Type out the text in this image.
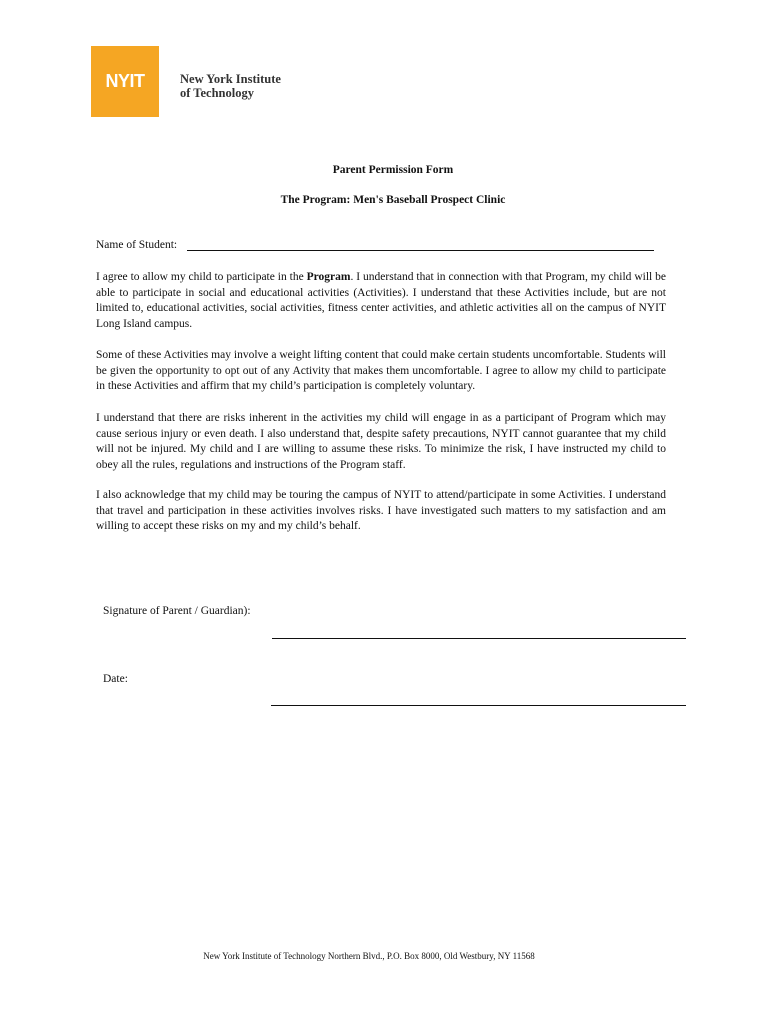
NYIT	New York Institute
of Technology
Parent Permission Form
The Program: Men's Baseball Prospect Clinic
Name of Student:

I agree to allow my child to participate in the Program. I understand that in connection with that Program, my child will be able to participate in social and educational activities (Activities). I understand that these Activities include, but are not limited to, educational activities, social activities, fitness center activities, and athletic activities all on the campus of NYIT Long Island campus.

Some of these Activities may involve a weight lifting content that could make certain students uncomfortable. Students will be given the opportunity to opt out of any Activity that makes them uncomfortable. I agree to allow my child to participate in these Activities and affirm that my child’s participation is completely voluntary.

I understand that there are risks inherent in the activities my child will engage in as a participant of Program which may cause serious injury or even death. I also understand that, despite safety precautions, NYIT cannot guarantee that my child will not be injured. My child and I are willing to assume these risks. To minimize the risk, I have instructed my child to obey all the rules, regulations and instructions of the Program staff.

I also acknowledge that my child may be touring the campus of NYIT to attend/participate in some Activities. I understand that travel and participation in these activities involves risks. I have investigated such matters to my satisfaction and am willing to accept these risks on my and my child’s behalf.

Signature of Parent / Guardian):
Date:
New York Institute of Technology Northern Blvd., P.O. Box 8000, Old Westbury, NY 11568
